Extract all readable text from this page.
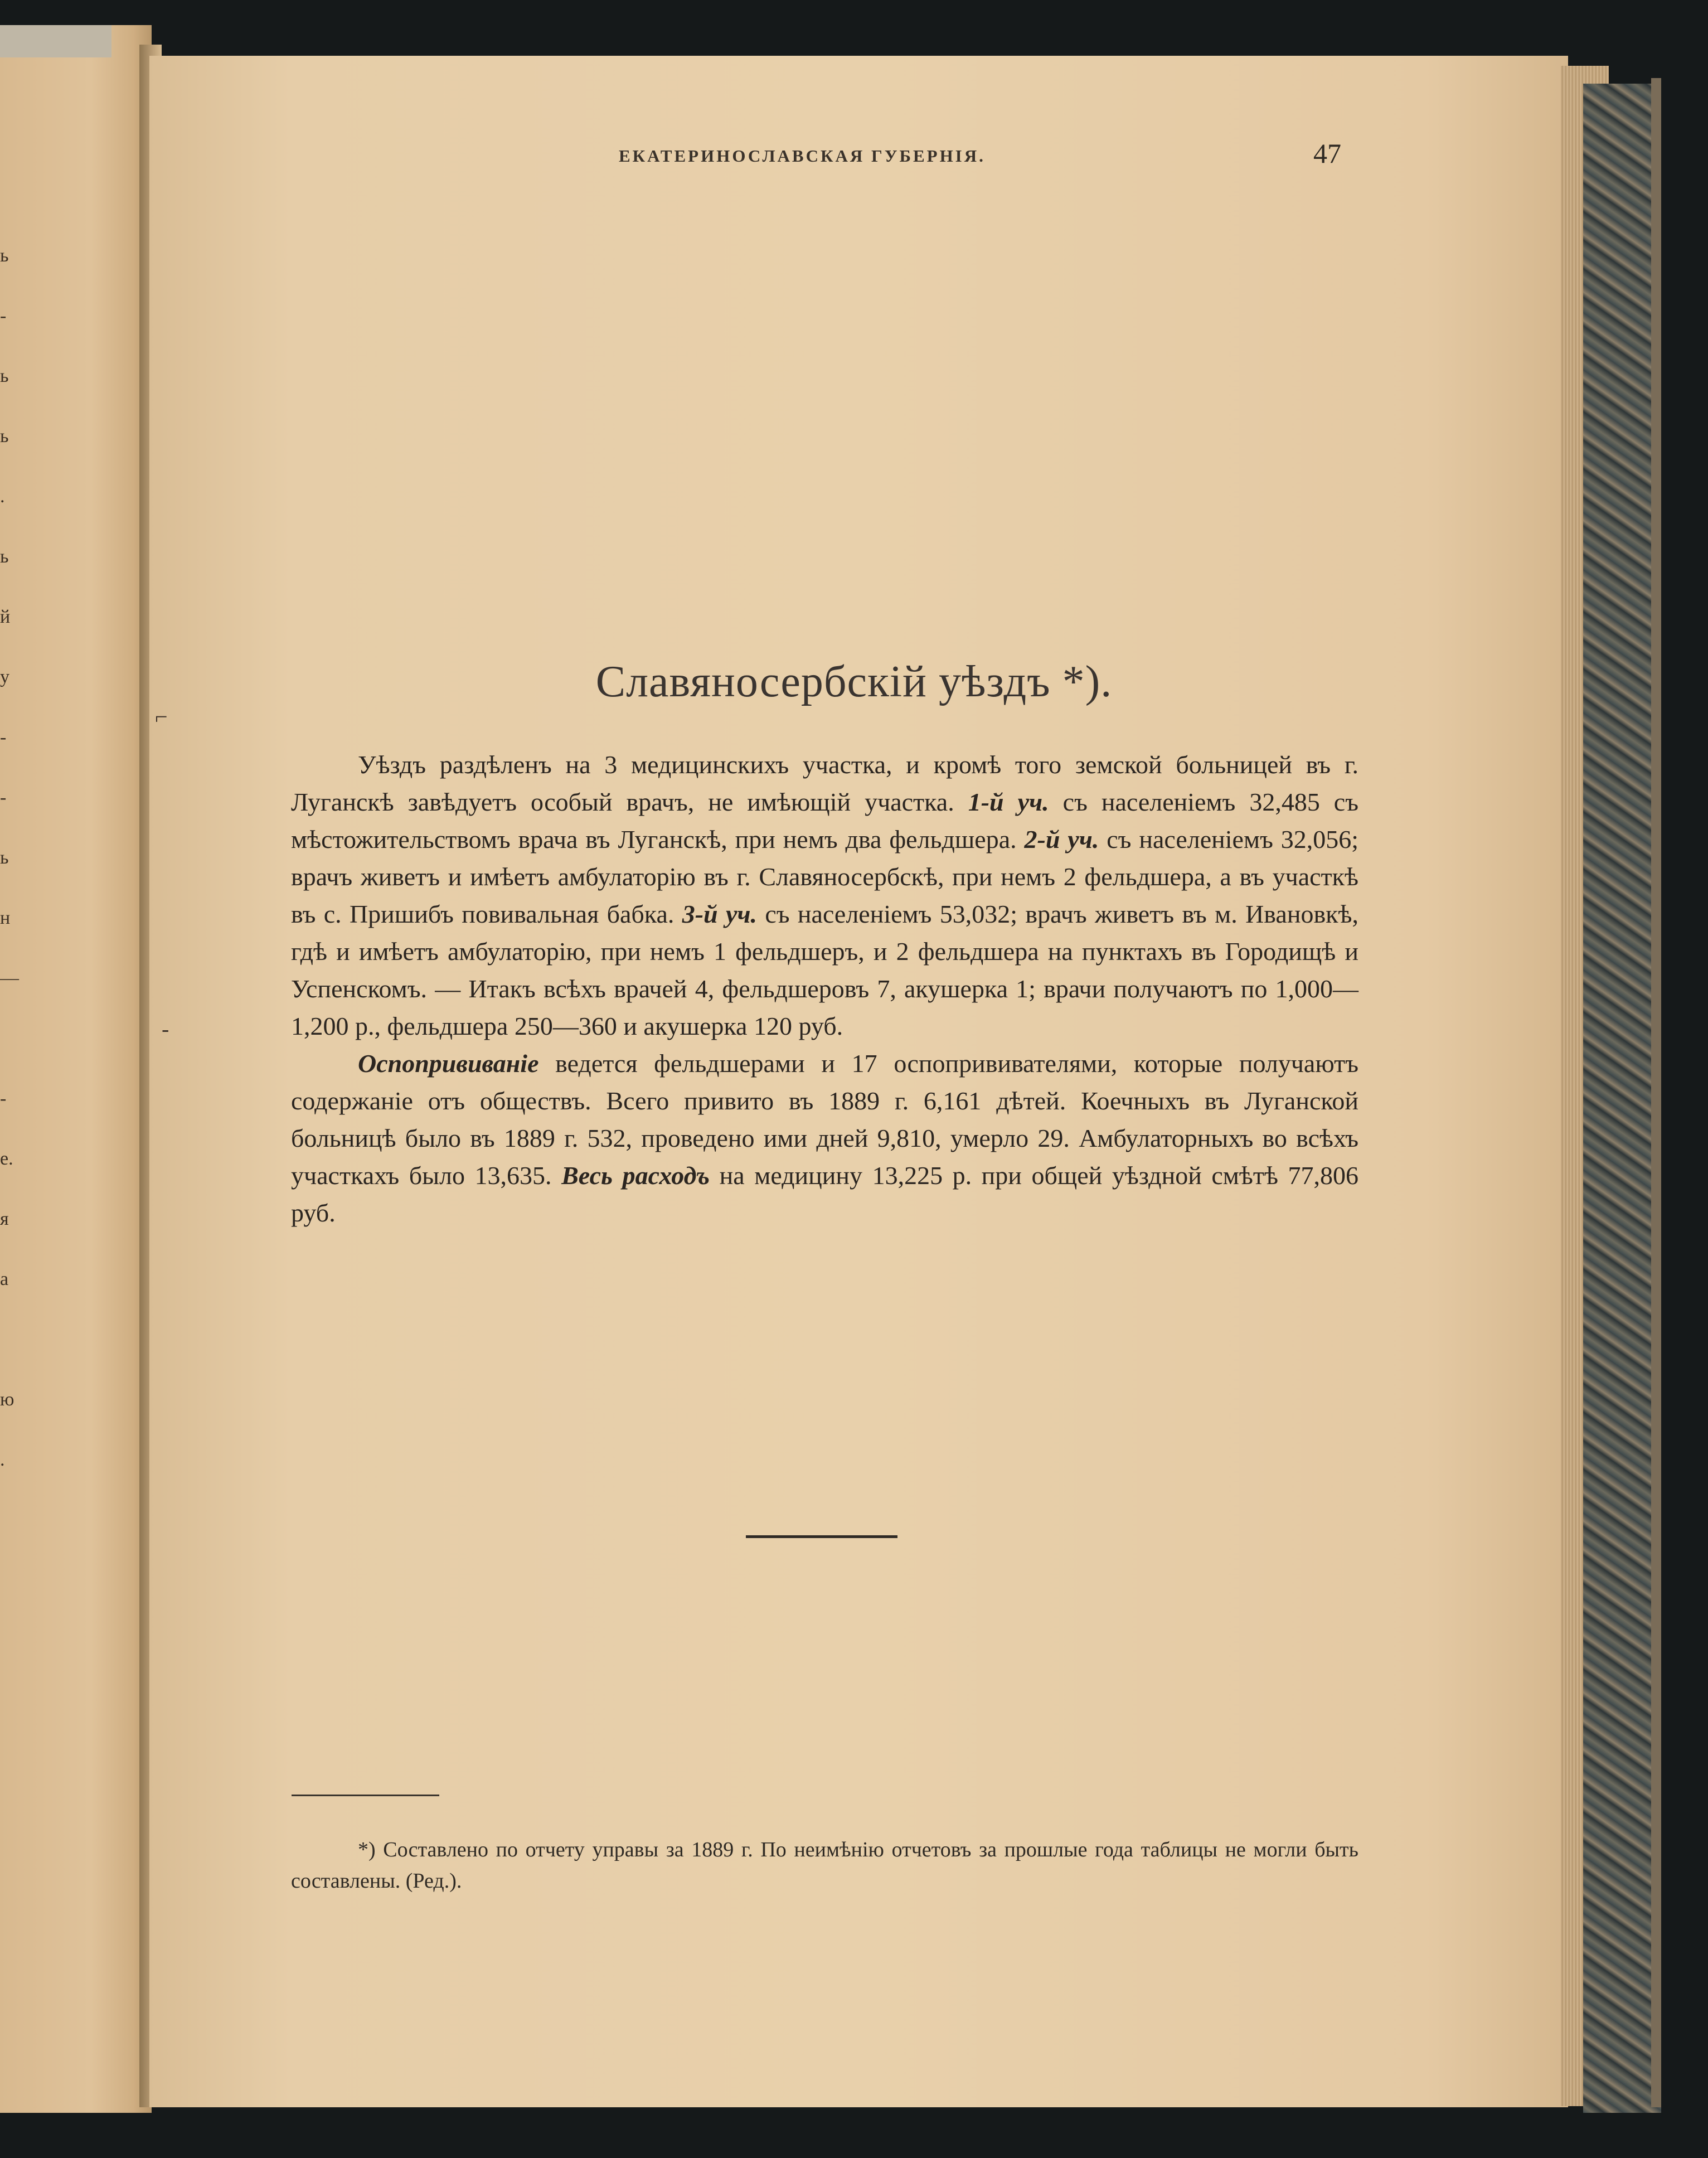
ь
-
ь
ь
.
ь
й
у
-
-
ь
н
—
-
е.
я
а
ю
.
ЕКАТЕРИНОСЛАВСКАЯ ГУБЕРНІЯ.	47
Славяносербскій уѣздъ *).

Уѣздъ раздѣленъ на 3 медицинскихъ участка, и кромѣ того земской больницей въ г. Луганскѣ завѣдуетъ особый врачъ, не имѣющій участка. 1-й уч. съ населеніемъ 32,485 съ мѣстожительствомъ врача въ Луганскѣ, при немъ два фельдшера. 2-й уч. съ населеніемъ 32,056; врачъ живетъ и имѣетъ амбулаторію въ г. Славяносербскѣ, при немъ 2 фельдшера, а въ участкѣ въ с. Пришибъ повивальная бабка. 3-й уч. съ населеніемъ 53,032; врачъ живетъ въ м. Ивановкѣ, гдѣ и имѣетъ амбулаторію, при немъ 1 фельдшеръ, и 2 фельдшера на пунктахъ въ Городищѣ и Успенскомъ. — Итакъ всѣхъ врачей 4, фельдшеровъ 7, акушерка 1; врачи получаютъ по 1,000—1,200 р., фельдшера 250—360 и акушерка 120 руб.

Оспопрививаніе ведется фельдшерами и 17 оспопрививателями, которые получаютъ содержаніе отъ обществъ. Всего привито въ 1889 г. 6,161 дѣтей. Коечныхъ въ Луганской больницѣ было въ 1889 г. 532, проведено ими дней 9,810, умерло 29. Амбулаторныхъ во всѣхъ участкахъ было 13,635. Весь расходъ на медицину 13,225 р. при общей уѣздной смѣтѣ 77,806 руб.

⌐
-

*) Составлено по отчету управы за 1889 г. По неимѣнію отчетовъ за прошлые года таблицы не могли быть составлены. (Ред.).
